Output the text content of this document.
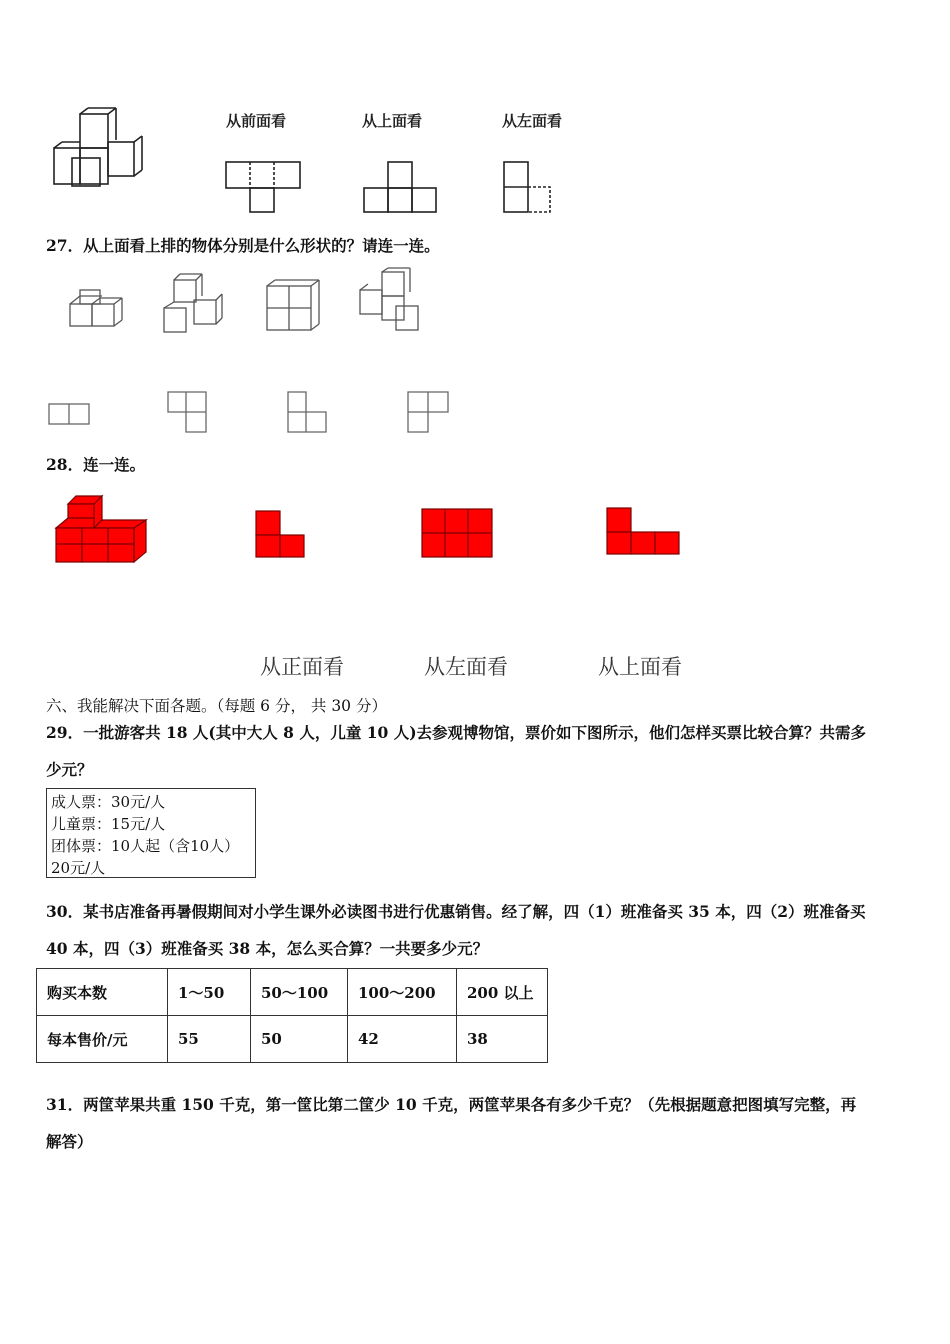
从前面看	从上面看	从左面看
27．从上面看上排的物体分别是什么形状的？请连一连。
28．连一连。
从正面看	从左面看	从上面看
六、我能解决下面各题。（每题 6 分， 共 30 分）
29．一批游客共 18 人(其中大人 8 人，儿童 10 人)去参观博物馆，票价如下图所示，他们怎样买票比较合算？共需多
少元？
成人票：30元/人
儿童票：15元/人
团体票：10人起（含10人）
20元/人
30．某书店准备再暑假期间对小学生课外必读图书进行优惠销售。经了解，四（1）班准备买 35 本，四（2）班准备买
40 本，四（3）班准备买 38 本，怎么买合算？一共要多少元？
购买本数	1～50	50～100	100～200	200 以上
每本售价/元	55	50	42	38
31．两筐苹果共重 150 千克，第一筐比第二筐少 10 千克，两筐苹果各有多少千克？（先根据题意把图填写完整，再
解答）
